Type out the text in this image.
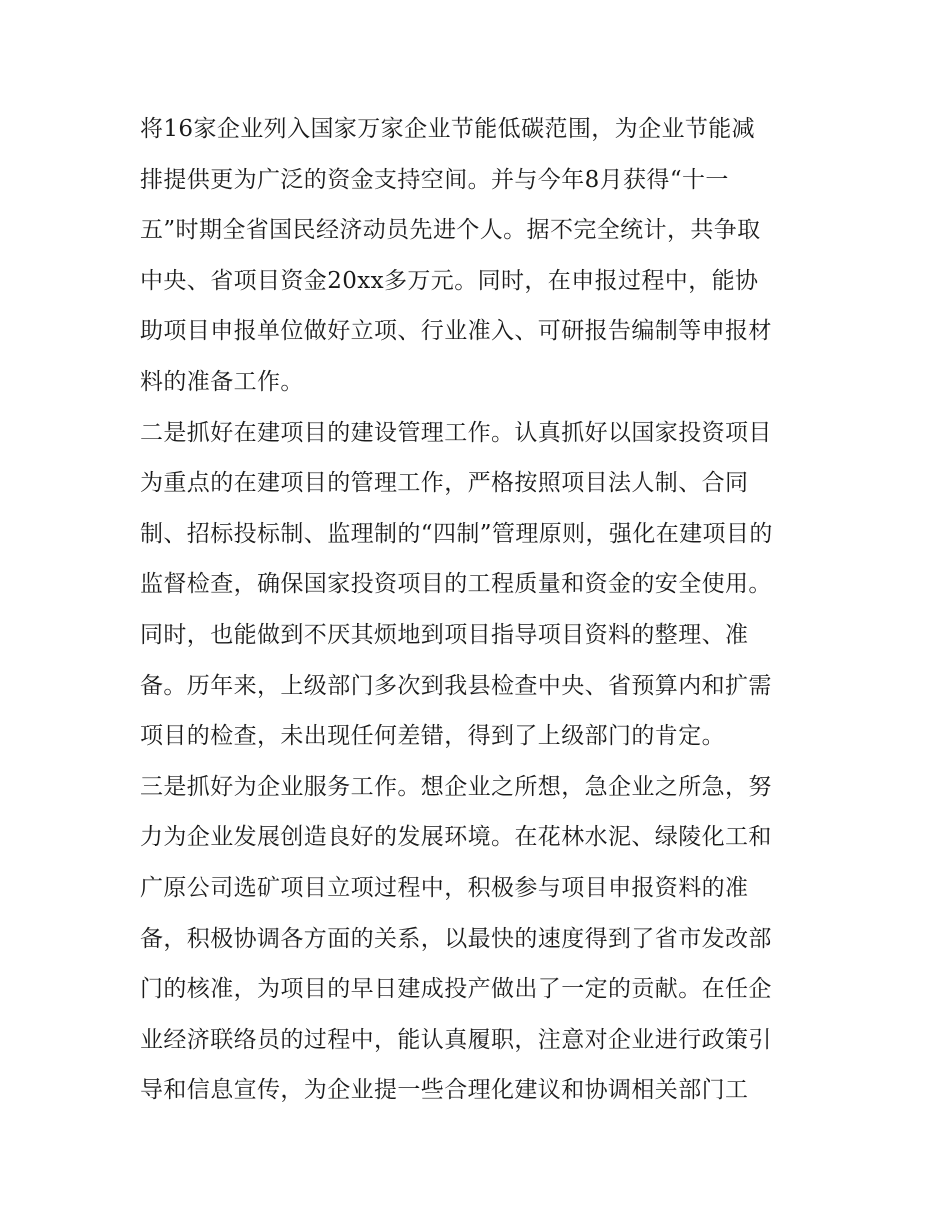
将16家企业列入国家万家企业节能低碳范围，为企业节能减
排提供更为广泛的资金支持空间。并与今年8月获得“十一
五”时期全省国民经济动员先进个人。据不完全统计，共争取
中央、省项目资金20xx多万元。同时，在申报过程中，能协
助项目申报单位做好立项、行业准入、可研报告编制等申报材
料的准备工作。
二是抓好在建项目的建设管理工作。认真抓好以国家投资项目
为重点的在建项目的管理工作，严格按照项目法人制、合同
制、招标投标制、监理制的“四制”管理原则，强化在建项目的
监督检查，确保国家投资项目的工程质量和资金的安全使用。
同时，也能做到不厌其烦地到项目指导项目资料的整理、准
备。历年来，上级部门多次到我县检查中央、省预算内和扩需
项目的检查，未出现任何差错，得到了上级部门的肯定。
三是抓好为企业服务工作。想企业之所想，急企业之所急，努
力为企业发展创造良好的发展环境。在花林水泥、绿陵化工和
广原公司选矿项目立项过程中，积极参与项目申报资料的准
备，积极协调各方面的关系，以最快的速度得到了省市发改部
门的核准，为项目的早日建成投产做出了一定的贡献。在任企
业经济联络员的过程中，能认真履职，注意对企业进行政策引
导和信息宣传，为企业提一些合理化建议和协调相关部门工
